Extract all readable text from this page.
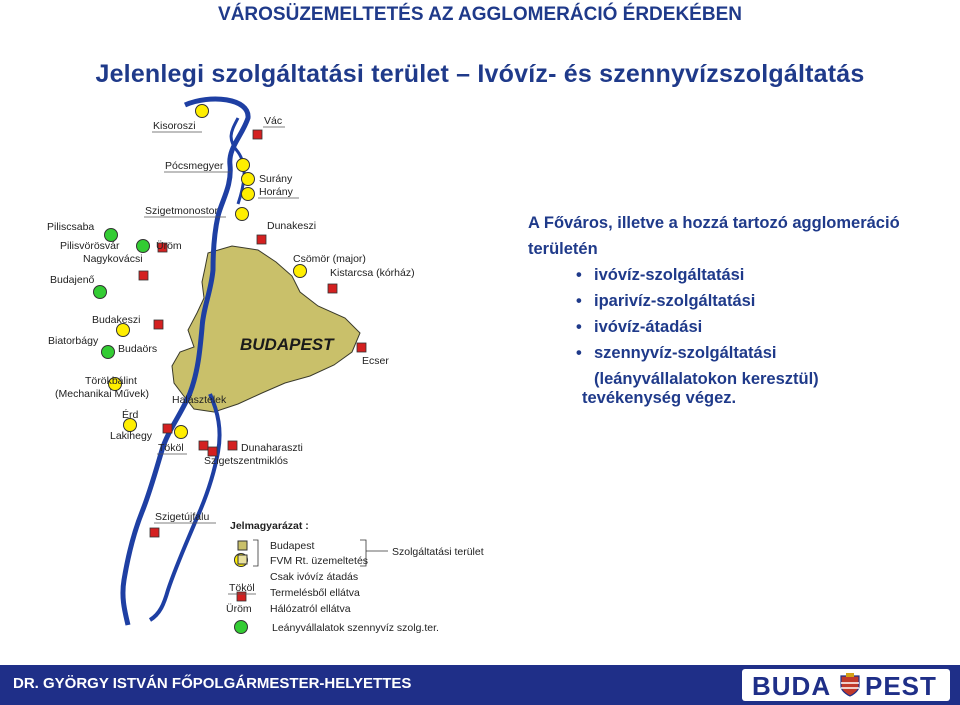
VÁROSÜZEMELTETÉS AZ AGGLOMERÁCIÓ ÉRDEKÉBEN
Jelenlegi szolgáltatási terület – Ivóvíz- és szennyvízszolgáltatás
Kisoroszi	Vác
Pócsmegyer
Surány
Horány
Szigetmonostor
Dunakeszi
Piliscsaba
Pilisvörösvár	Üröm
Nagykovácsi
Budajenő
Csömör (major)
Kistarcsa (kórház)
Budakeszi
Biatorbágy
Budaörs
Ecser
Törökbálint
(Mechanikai Művek) Halásztelek
Érd
Lakihegy
Tököl	Dunaharaszti
Szigetszentmiklós
Szigetújfalu
BUDAPEST
Jelmagyarázat :
Budapest
FVM Rt. üzemeltetés
Szolgáltatási terület
Csak ivóvíz átadás
Termelésből ellátva
Hálózatról ellátva
Leányvállalatok szennyvíz szolg.ter.
Tököl
Üröm
A Főváros, illetve a hozzá tartozó agglomeráció
területén
• ivóvíz-szolgáltatási
• iparivíz-szolgáltatási
• ivóvíz-átadási
• szennyvíz-szolgáltatási
(leányvállalatokon keresztül)
tevékenység végez.
DR. GYÖRGY ISTVÁN FŐPOLGÁRMESTER-HELYETTES	BUDA PEST
